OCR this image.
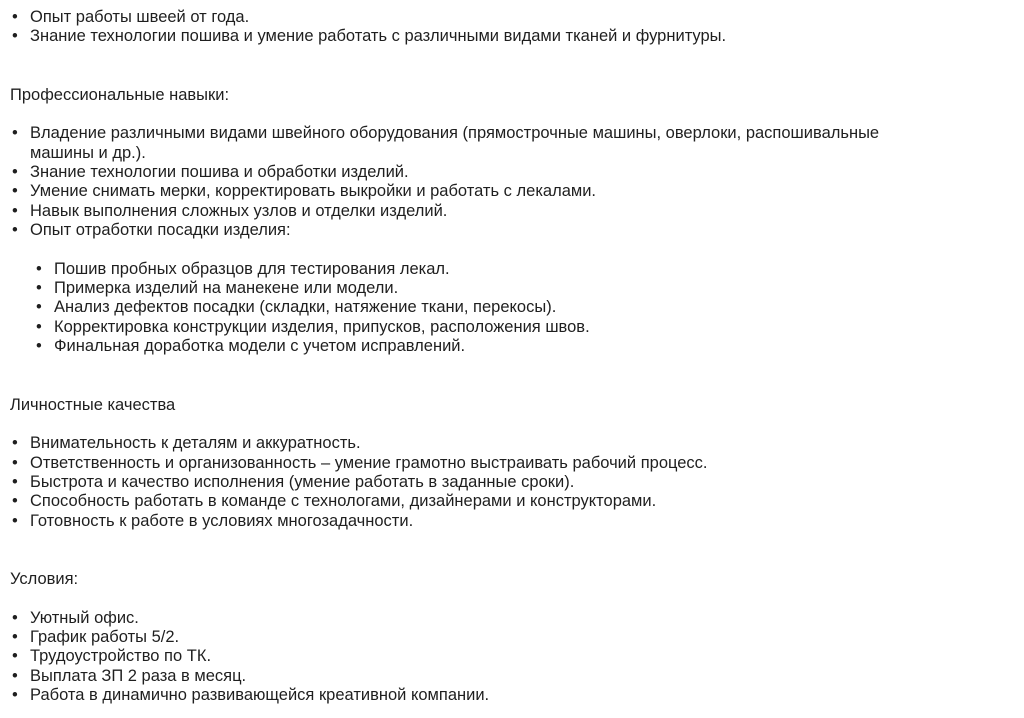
• Опыт работы швеей от года.
• Знание технологии пошива и умение работать с различными видами тканей и фурнитуры.

Профессиональные навыки:

• Владение различными видами швейного оборудования (прямострочные машины, оверлоки, распошивальные машины и др.).
• Знание технологии пошива и обработки изделий.
• Умение снимать мерки, корректировать выкройки и работать с лекалами.
• Навык выполнения сложных узлов и отделки изделий.
• Опыт отработки посадки изделия:
• Пошив пробных образцов для тестирования лекал.
• Примерка изделий на манекене или модели.
• Анализ дефектов посадки (складки, натяжение ткани, перекосы).
• Корректировка конструкции изделия, припусков, расположения швов.
• Финальная доработка модели с учетом исправлений.

Личностные качества

• Внимательность к деталям и аккуратность.
• Ответственность и организованность – умение грамотно выстраивать рабочий процесс.
• Быстрота и качество исполнения (умение работать в заданные сроки).
• Способность работать в команде с технологами, дизайнерами и конструкторами.
• Готовность к работе в условиях многозадачности.

Условия:

• Уютный офис.
• График работы 5/2.
• Трудоустройство по ТК.
• Выплата ЗП 2 раза в месяц.
• Работа в динамично развивающейся креативной компании.
